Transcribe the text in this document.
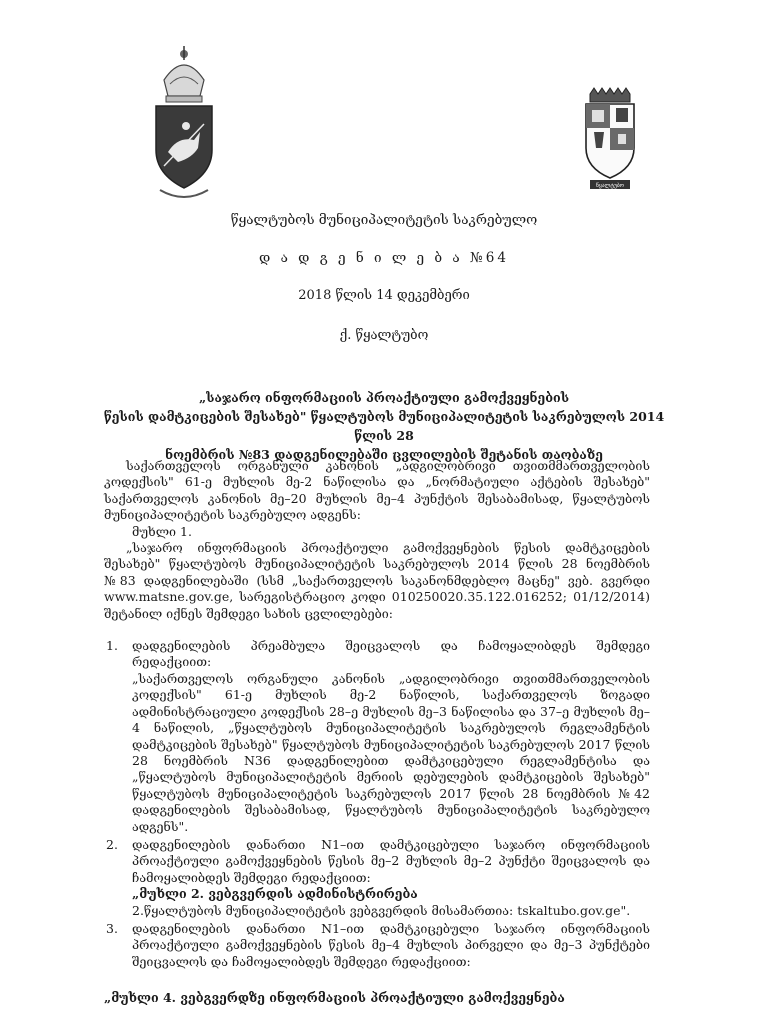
წყალტუბო
წყალტუბოს მუნიციპალიტეტის საკრებულო
დ ა დ გ ე ნ ი ლ ე ბ ა №64
2018 წლის 14 დეკემბერი
ქ. წყალტუბო
„საჯარო ინფორმაციის პროაქტიული გამოქვეყნების
წესის დამტკიცების შესახებ" წყალტუბოს მუნიციპალიტეტის საკრებულოს 2014 წლის 28
ნოემბრის №83 დადგენილებაში ცვლილების შეტანის თაობაზე

საქართველოს ორგანული კანონის „ადგილობრივი თვითმმართველობის კოდექსის" 61-ე მუხლის მე-2 ნაწილისა და „ნორმატიული აქტების შესახებ" საქართველოს კანონის მე–20 მუხლის მე–4 პუნქტის შესაბამისად, წყალტუბოს მუნიციპალიტეტის საკრებულო ადგენს:

მუხლი 1.

„საჯარო ინფორმაციის პროაქტიული გამოქვეყნების წესის დამტკიცების შესახებ" წყალტუბოს მუნიციპალიტეტის საკრებულოს 2014 წლის 28 ნოემბრის №83 დადგენილებაში (სსმ „საქართველოს საკანონმდებლო მაცნე" ვებ. გვერდი www.matsne.gov.ge, სარეგისტრაციო კოდი 010250020.35.122.016252; 01/12/2014) შეტანილ იქნეს შემდეგი სახის ცვლილებები:

1. დადგენილების პრეამბულა შეიცვალოს და ჩამოყალიბდეს შემდეგი რედაქციით:
„საქართველოს ორგანული კანონის „ადგილობრივი თვითმმართველობის კოდექსის" 61-ე მუხლის მე-2 ნაწილის, საქართველოს ზოგადი ადმინისტრაციული კოდექსის 28–ე მუხლის მე–3 ნაწილისა და 37–ე მუხლის მე–4 ნაწილის, „წყალტუბოს მუნიციპალიტეტის საკრებულოს რეგლამენტის დამტკიცების შესახებ" წყალტუბოს მუნიციპალიტეტის საკრებულოს 2017 წლის 28 ნოემბრის N36 დადგენილებით დამტკიცებული რეგლამენტისა და „წყალტუბოს მუნიციპალიტეტის მერიის დებულების დამტკიცების შესახებ" წყალტუბოს მუნიციპალიტეტის საკრებულოს 2017 წლის 28 ნოემბრის №42 დადგენილების შესაბამისად, წყალტუბოს მუნიციპალიტეტის საკრებულო ადგენს".
2. დადგენილების დანართი N1–ით დამტკიცებული საჯარო ინფორმაციის პროაქტიული გამოქვეყნების წესის მე–2 მუხლის მე–2 პუნქტი შეიცვალოს და ჩამოყალიბდეს შემდეგი რედაქციით:
„მუხლი 2. ვებგვერდის ადმინისტრირება
2.წყალტუბოს მუნიციპალიტეტის ვებგვერდის მისამართია: tskaltubo.gov.ge".
3. დადგენილების დანართი N1–ით დამტკიცებული საჯარო ინფორმაციის პროაქტიული გამოქვეყნების წესის მე–4 მუხლის პირველი და მე–3 პუნქტები შეიცვალოს და ჩამოყალიბდეს შემდეგი რედაქციით:
„მუხლი 4. ვებგვერდზე ინფორმაციის პროაქტიული გამოქვეყნება
